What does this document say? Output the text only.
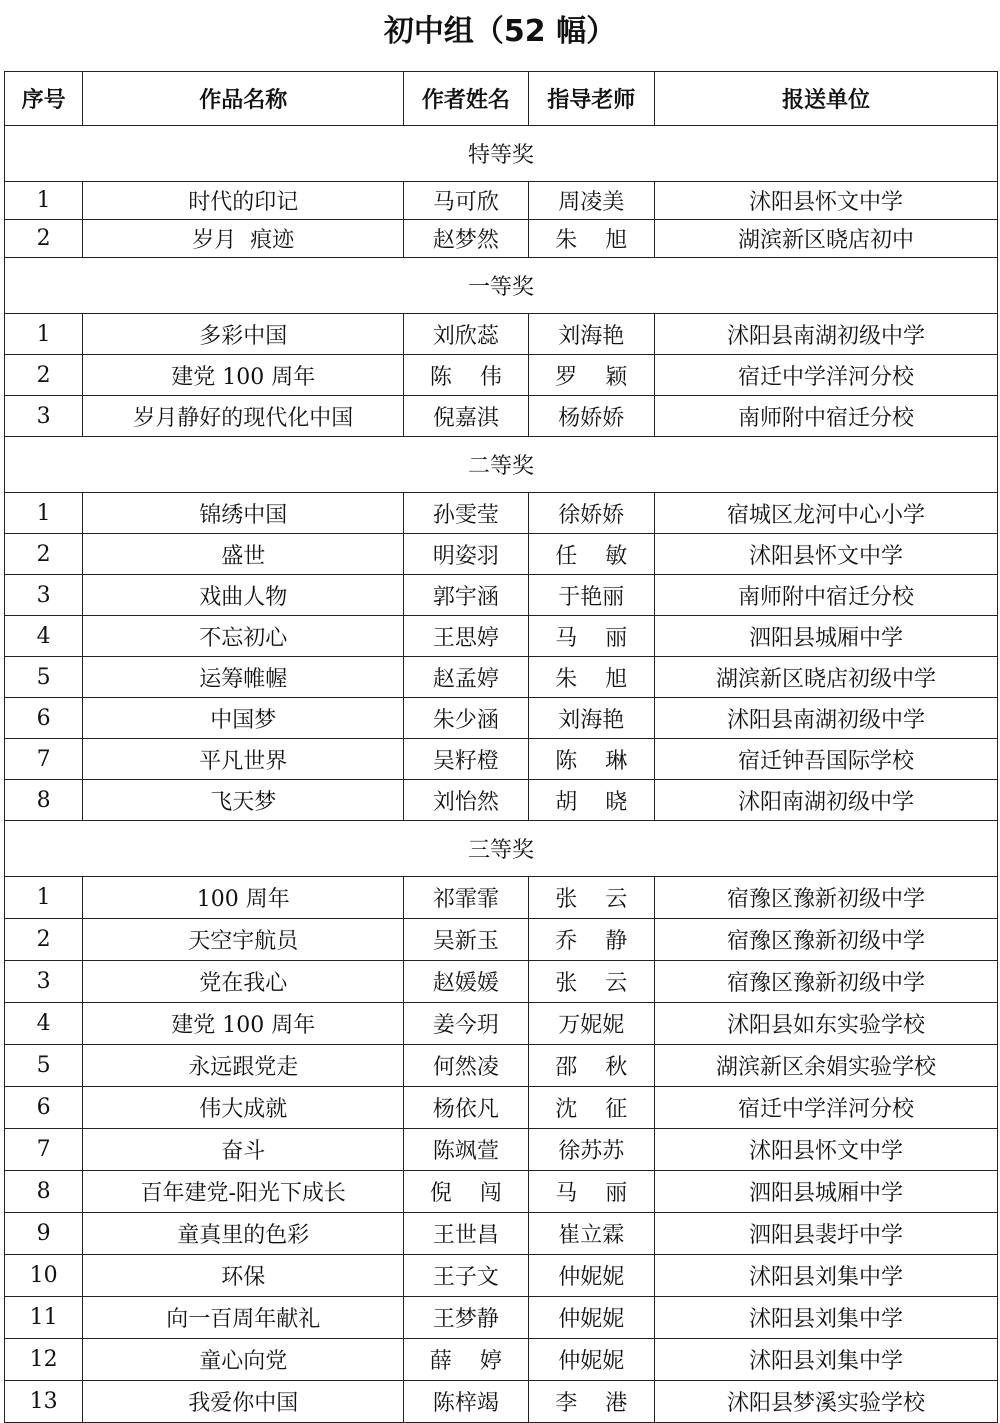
初中组（52 幅）
序号	作品名称	作者姓名	指导老师	报送单位
特等奖				
1	时代的印记	马可欣	周凌美	沭阳县怀文中学
2	岁月  痕迹	赵梦然	朱    旭	湖滨新区晓店初中
一等奖				
1	多彩中国	刘欣蕊	刘海艳	沭阳县南湖初级中学
2	建党 100 周年	陈    伟	罗    颖	宿迁中学洋河分校
3	岁月静好的现代化中国	倪嘉淇	杨娇娇	南师附中宿迁分校
二等奖				
1	锦绣中国	孙雯莹	徐娇娇	宿城区龙河中心小学
2	盛世	明姿羽	任    敏	沭阳县怀文中学
3	戏曲人物	郭宇涵	于艳丽	南师附中宿迁分校
4	不忘初心	王思婷	马    丽	泗阳县城厢中学
5	运筹帷幄	赵孟婷	朱    旭	湖滨新区晓店初级中学
6	中国梦	朱少涵	刘海艳	沭阳县南湖初级中学
7	平凡世界	吴籽橙	陈    琳	宿迁钟吾国际学校
8	飞天梦	刘怡然	胡    晓	沭阳南湖初级中学
三等奖				
1	100 周年	祁霏霏	张    云	宿豫区豫新初级中学
2	天空宇航员	吴新玉	乔    静	宿豫区豫新初级中学
3	党在我心	赵媛媛	张    云	宿豫区豫新初级中学
4	建党 100 周年	姜今玥	万妮妮	沭阳县如东实验学校
5	永远跟党走	何然凌	邵    秋	湖滨新区余娟实验学校
6	伟大成就	杨依凡	沈    征	宿迁中学洋河分校
7	奋斗	陈飒萱	徐苏苏	沭阳县怀文中学
8	百年建党-阳光下成长	倪    闯	马    丽	泗阳县城厢中学
9	童真里的色彩	王世昌	崔立霖	泗阳县裴圩中学
10	环保	王子文	仲妮妮	沭阳县刘集中学
11	向一百周年献礼	王梦静	仲妮妮	沭阳县刘集中学
12	童心向党	薛    婷	仲妮妮	沭阳县刘集中学
13	我爱你中国	陈梓竭	李    港	沭阳县梦溪实验学校
